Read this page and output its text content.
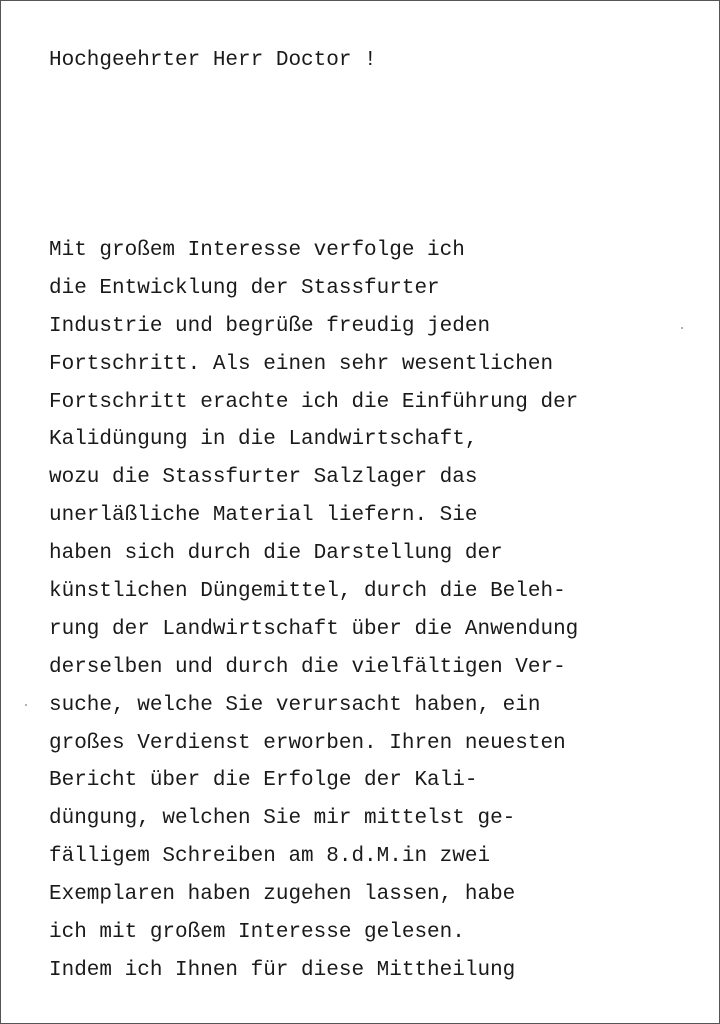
Hochgeehrter Herr Doctor !

Mit großem Interesse verfolge ich
die Entwicklung der Stassfurter
Industrie und begrüße freudig jeden
Fortschritt. Als einen sehr wesentlichen
Fortschritt erachte ich die Einführung der
Kalidüngung in die Landwirtschaft,
wozu die Stassfurter Salzlager das
unerläßliche Material liefern. Sie
haben sich durch die Darstellung der
künstlichen Düngemittel, durch die Beleh-
rung der Landwirtschaft über die Anwendung
derselben und durch die vielfältigen Ver-
suche, welche Sie verursacht haben, ein
großes Verdienst erworben. Ihren neuesten
Bericht über die Erfolge der Kali-
düngung, welchen Sie mir mittelst ge-
fälligem Schreiben am 8.d.M.in zwei
Exemplaren haben zugehen lassen, habe
ich mit großem Interesse gelesen.
Indem ich Ihnen für diese Mittheilung
